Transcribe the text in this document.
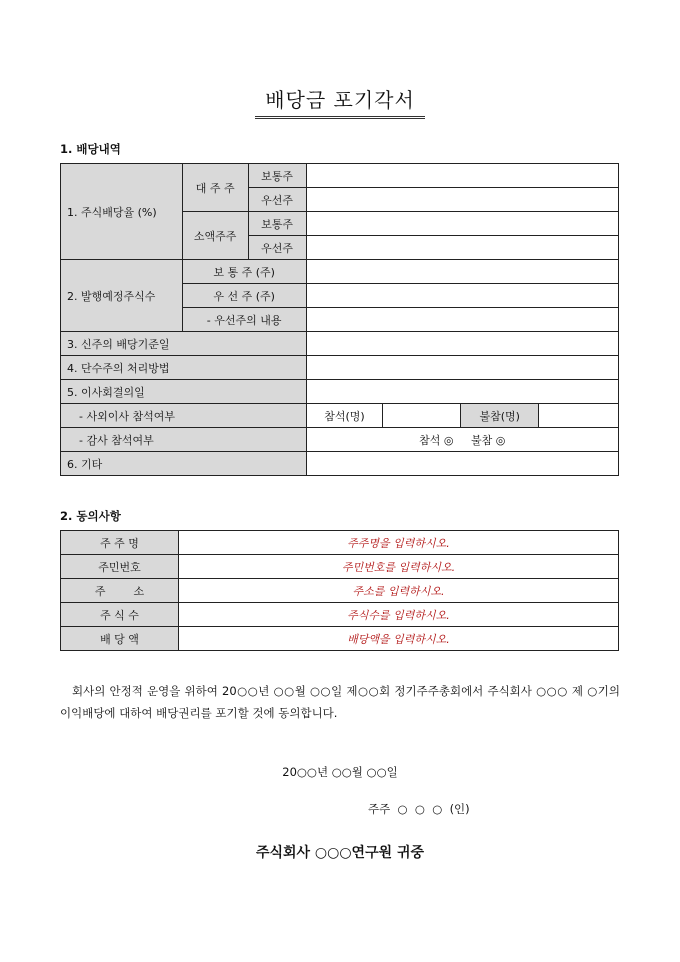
배당금 포기각서
1. 배당내역
1. 주식배당율 (%)	대 주 주	보통주				
		우선주				
	소액주주	보통주				
		우선주				
2. 발행예정주식수	보 통 주 (주)					
	우 선 주 (주)					
	- 우선주의 내용					
3. 신주의 배당기준일						
4. 단수주의 처리방법						
5. 이사회결의일						
- 사외이사 참석여부			참석(명)		불참(명)	
- 감사 참석여부			참석 ◎     불참 ◎			
6. 기타						
2. 동의사항
주 주 명	주주명을 입력하시오.
주민번호	주민번호를 입력하시오.
주        소	주소를 입력하시오.
주 식 수	주식수를 입력하시오.
배 당 액	배당액을 입력하시오.
회사의 안정적 운영을 위하여 20○○년 ○○월 ○○일 제○○회 정기주주총회에서 주식회사 ○○○ 제 ○기의 이익배당에 대하여 배당권리를 포기할 것에 동의합니다.
20○○년 ○○월 ○○일
주주  ○  ○  ○  (인)
주식회사 ○○○연구원 귀중
